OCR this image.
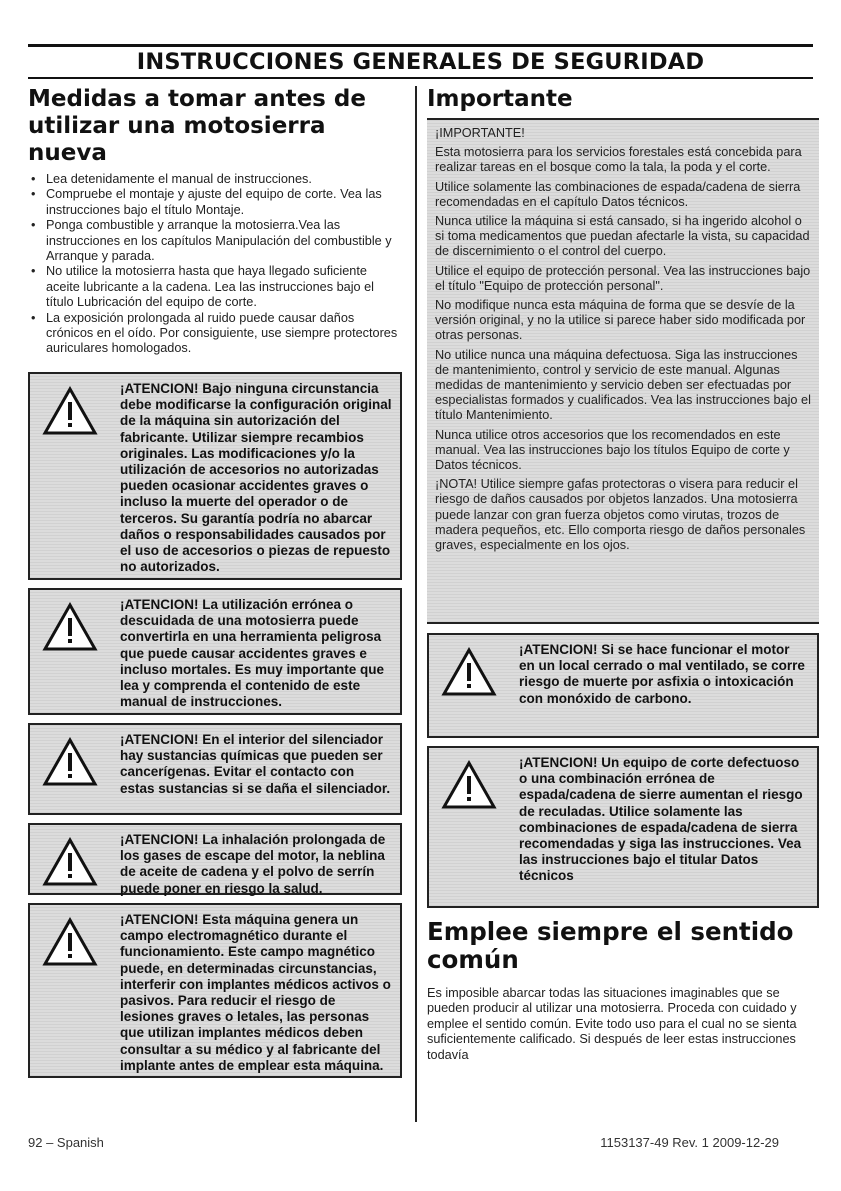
INSTRUCCIONES GENERALES DE SEGURIDAD
Medidas a tomar antes de utilizar una motosierra nueva
• Lea detenidamente el manual de instrucciones.
• Compruebe el montaje y ajuste del equipo de corte. Vea las instrucciones bajo el título Montaje.
• Ponga combustible y arranque la motosierra.Vea las instrucciones en los capítulos Manipulación del combustible y Arranque y parada.
• No utilice la motosierra hasta que haya llegado suficiente aceite lubricante a la cadena. Lea las instrucciones bajo el título Lubricación del equipo de corte.
• La exposición prolongada al ruido puede causar daños crónicos en el oído. Por consiguiente, use siempre protectores auriculares homologados.
¡ATENCION! Bajo ninguna circunstancia debe modificarse la configuración original de la máquina sin autorización del fabricante. Utilizar siempre recambios originales. Las modificaciones y/o la utilización de accesorios no autorizadas pueden ocasionar accidentes graves o incluso la muerte del operador o de terceros. Su garantía podría no abarcar daños o responsabilidades causados por el uso de accesorios o piezas de repuesto no autorizados.
¡ATENCION! La utilización errónea o descuidada de una motosierra puede convertirla en una herramienta peligrosa que puede causar accidentes graves e incluso mortales. Es muy importante que lea y comprenda el contenido de este manual de instrucciones.
¡ATENCION! En el interior del silenciador hay sustancias químicas que pueden ser cancerígenas. Evitar el contacto con estas sustancias si se daña el silenciador.
¡ATENCION! La inhalación prolongada de los gases de escape del motor, la neblina de aceite de cadena y el polvo de serrín puede poner en riesgo la salud.
¡ATENCION! Esta máquina genera un campo electromagnético durante el funcionamiento. Este campo magnético puede, en determinadas circunstancias, interferir con implantes médicos activos o pasivos. Para reducir el riesgo de lesiones graves o letales, las personas que utilizan implantes médicos deben consultar a su médico y al fabricante del implante antes de emplear esta máquina.
Importante

¡IMPORTANTE!

Esta motosierra para los servicios forestales está concebida para realizar tareas en el bosque como la tala, la poda y el corte.

Utilice solamente las combinaciones de espada/cadena de sierra recomendadas en el capítulo Datos técnicos.

Nunca utilice la máquina si está cansado, si ha ingerido alcohol o si toma medicamentos que puedan afectarle la vista, su capacidad de discernimiento o el control del cuerpo.

Utilice el equipo de protección personal. Vea las instrucciones bajo el título "Equipo de protección personal".

No modifique nunca esta máquina de forma que se desvíe de la versión original, y no la utilice si parece haber sido modificada por otras personas.

No utilice nunca una máquina defectuosa. Siga las instrucciones de mantenimiento, control y servicio de este manual. Algunas medidas de mantenimiento y servicio deben ser efectuadas por especialistas formados y cualificados. Vea las instrucciones bajo el título Mantenimiento.

Nunca utilice otros accesorios que los recomendados en este manual. Vea las instrucciones bajo los títulos Equipo de corte y Datos técnicos.

¡NOTA! Utilice siempre gafas protectoras o visera para reducir el riesgo de daños causados por objetos lanzados. Una motosierra puede lanzar con gran fuerza objetos como virutas, trozos de madera pequeños, etc. Ello comporta riesgo de daños personales graves, especialmente en los ojos.

¡ATENCION! Si se hace funcionar el motor en un local cerrado o mal ventilado, se corre riesgo de muerte por asfixia o intoxicación con monóxido de carbono.
¡ATENCION! Un equipo de corte defectuoso o una combinación errónea de espada/cadena de sierre aumentan el riesgo de reculadas. Utilice solamente las combinaciones de espada/cadena de sierra recomendadas y siga las instrucciones. Vea las instrucciones bajo el titular Datos técnicos
Emplee siempre el sentido común

Es imposible abarcar todas las situaciones imaginables que se pueden producir al utilizar una motosierra. Proceda con cuidado y emplee el sentido común. Evite todo uso para el cual no se sienta suficientemente calificado. Si después de leer estas instrucciones todavía

92 – Spanish	1153137-49 Rev. 1 2009-12-29
